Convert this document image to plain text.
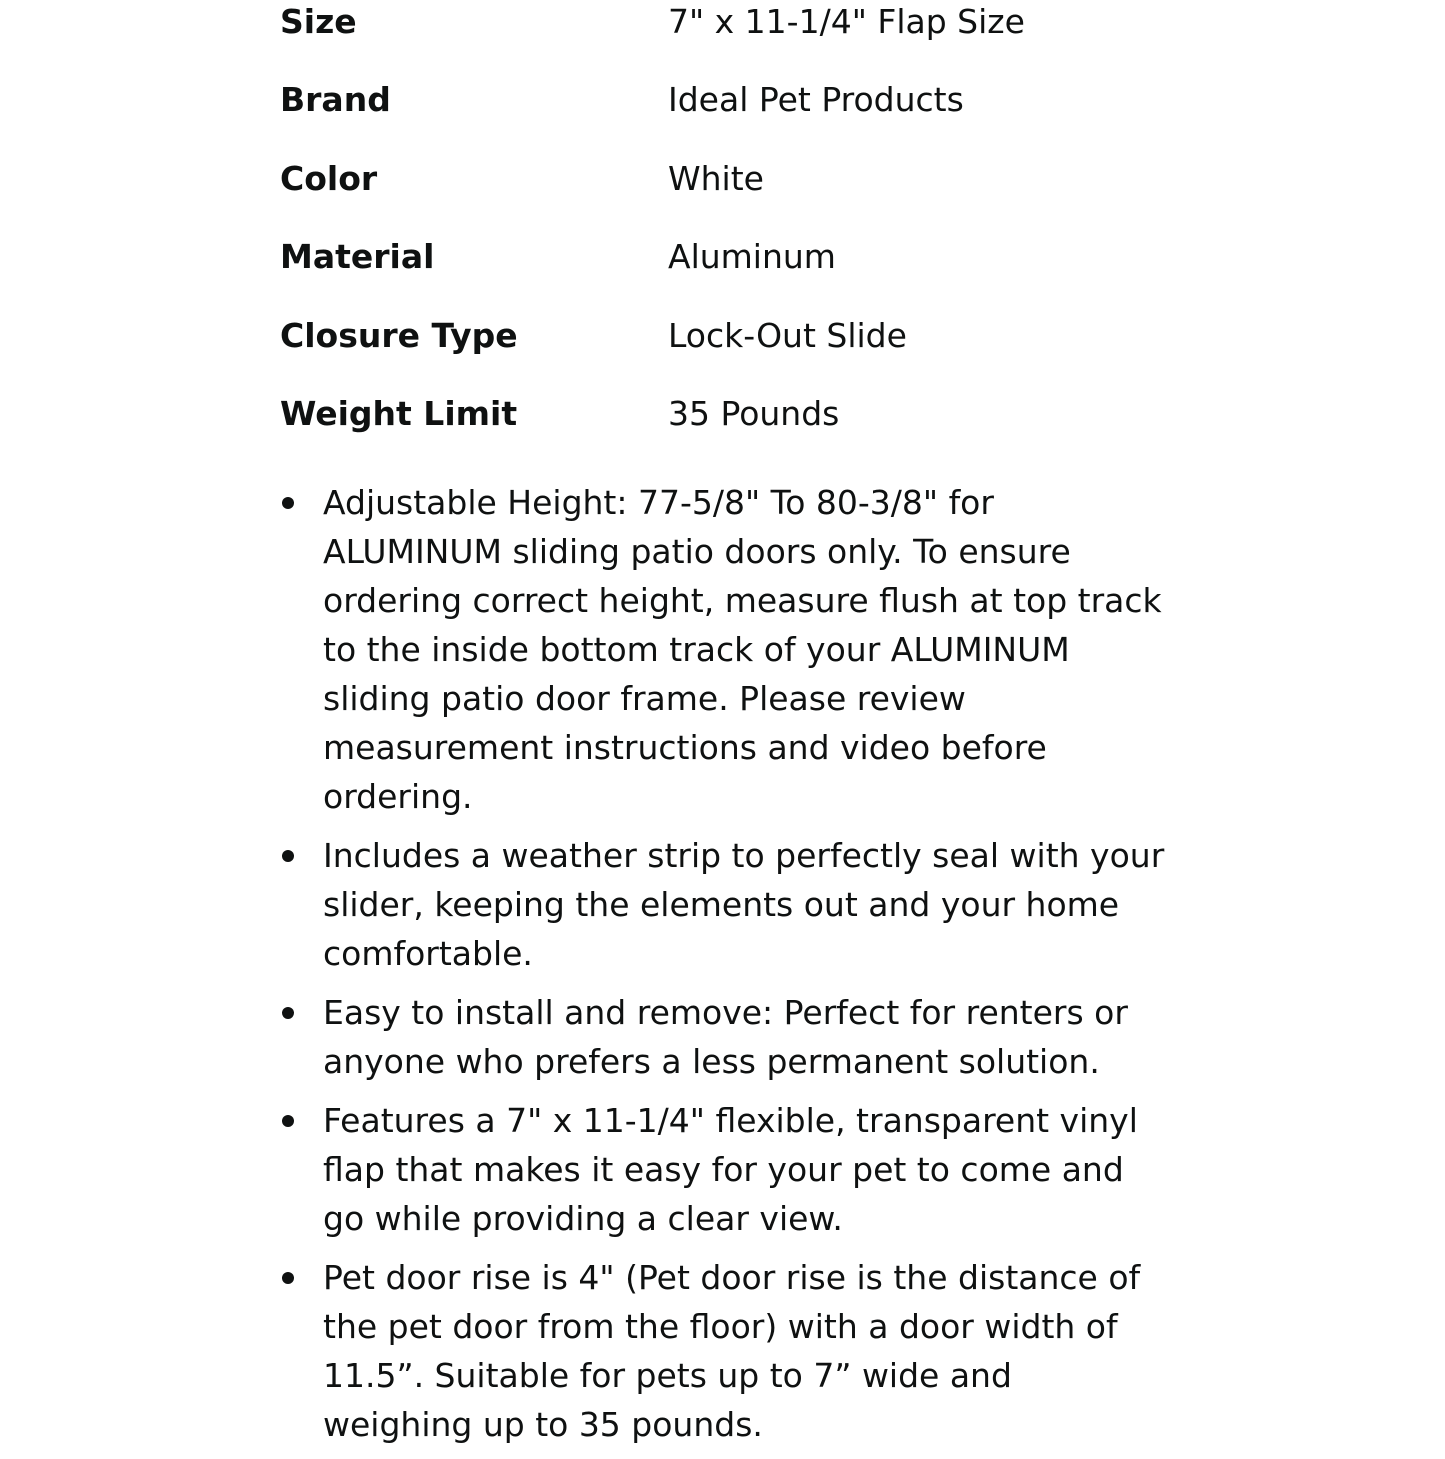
Size	7" x 11-1/4" Flap Size
Brand	Ideal Pet Products
Color	White
Material	Aluminum
Closure Type	Lock-Out Slide
Weight Limit	35 Pounds
Adjustable Height: 77-5/8" To 80-3/8" for ALUMINUM sliding patio doors only. To ensure ordering correct height, measure flush at top track to the inside bottom track of your ALUMINUM sliding patio door frame. Please review measurement instructions and video before ordering.
Includes a weather strip to perfectly seal with your slider, keeping the elements out and your home comfortable.
Easy to install and remove: Perfect for renters or anyone who prefers a less permanent solution.
Features a 7" x 11-1/4" flexible, transparent vinyl flap that makes it easy for your pet to come and go while providing a clear view.
Pet door rise is 4" (Pet door rise is the distance of the pet door from the floor) with a door width of 11.5”. Suitable for pets up to 7” wide and weighing up to 35 pounds.
